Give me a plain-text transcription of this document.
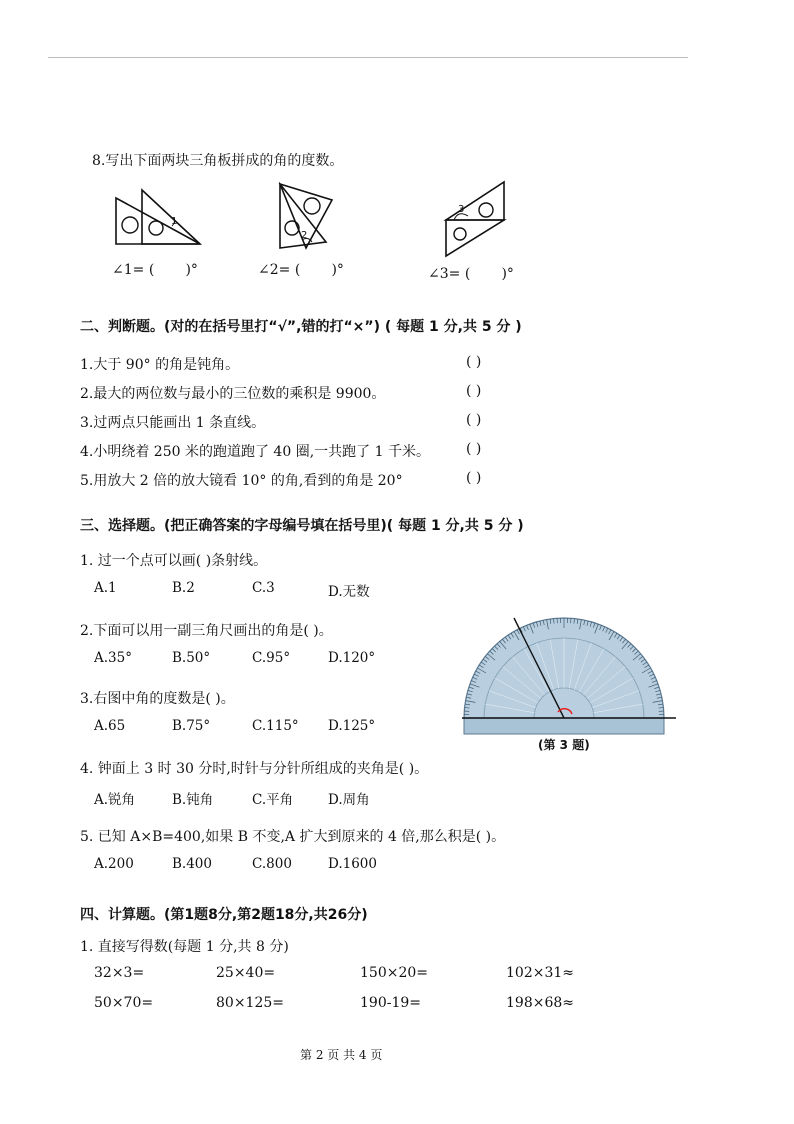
8.写出下面两块三角板拼成的角的度数。
1
2
3
∠1= ( )°	∠2= ( )°	∠3= ( )°
二、判断题。(对的在括号里打“√”,错的打“×”) ( 每题 1 分,共 5 分 )
1.大于 90° 的角是钝角。	( )
2.最大的两位数与最小的三位数的乘积是 9900。	( )
3.过两点只能画出 1 条直线。	( )
4.小明绕着 250 米的跑道跑了 40 圈,一共跑了 1 千米。	( )
5.用放大 2 倍的放大镜看 10° 的角,看到的角是 20°	( )
三、选择题。(把正确答案的字母编号填在括号里)( 每题 1 分,共 5 分 )
1. 过一个点可以画( )条射线。
A.1	B.2	C.3	D.无数
2.下面可以用一副三角尺画出的角是( )。
A.35°	B.50°	C.95°	D.120°
3.右图中角的度数是( )。
A.65	B.75°	C.115° D.125°
4. 钟面上 3 时 30 分时,时针与分针所组成的夹角是( )。
A.锐角	B.钝角	C.平角	D.周角
5. 已知 A×B=400,如果 B 不变,A 扩大到原来的 4 倍,那么积是( )。
A.200	B.400	C.800	D.1600
(第 3 题)
四、计算题。(第1题8分,第2题18分,共26分)
1. 直接写得数(每题 1 分,共 8 分)
32×3=	25×40=	150×20=	102×31≈
50×70=	80×125=	190-19=	198×68≈
第 2 页 共 4 页
